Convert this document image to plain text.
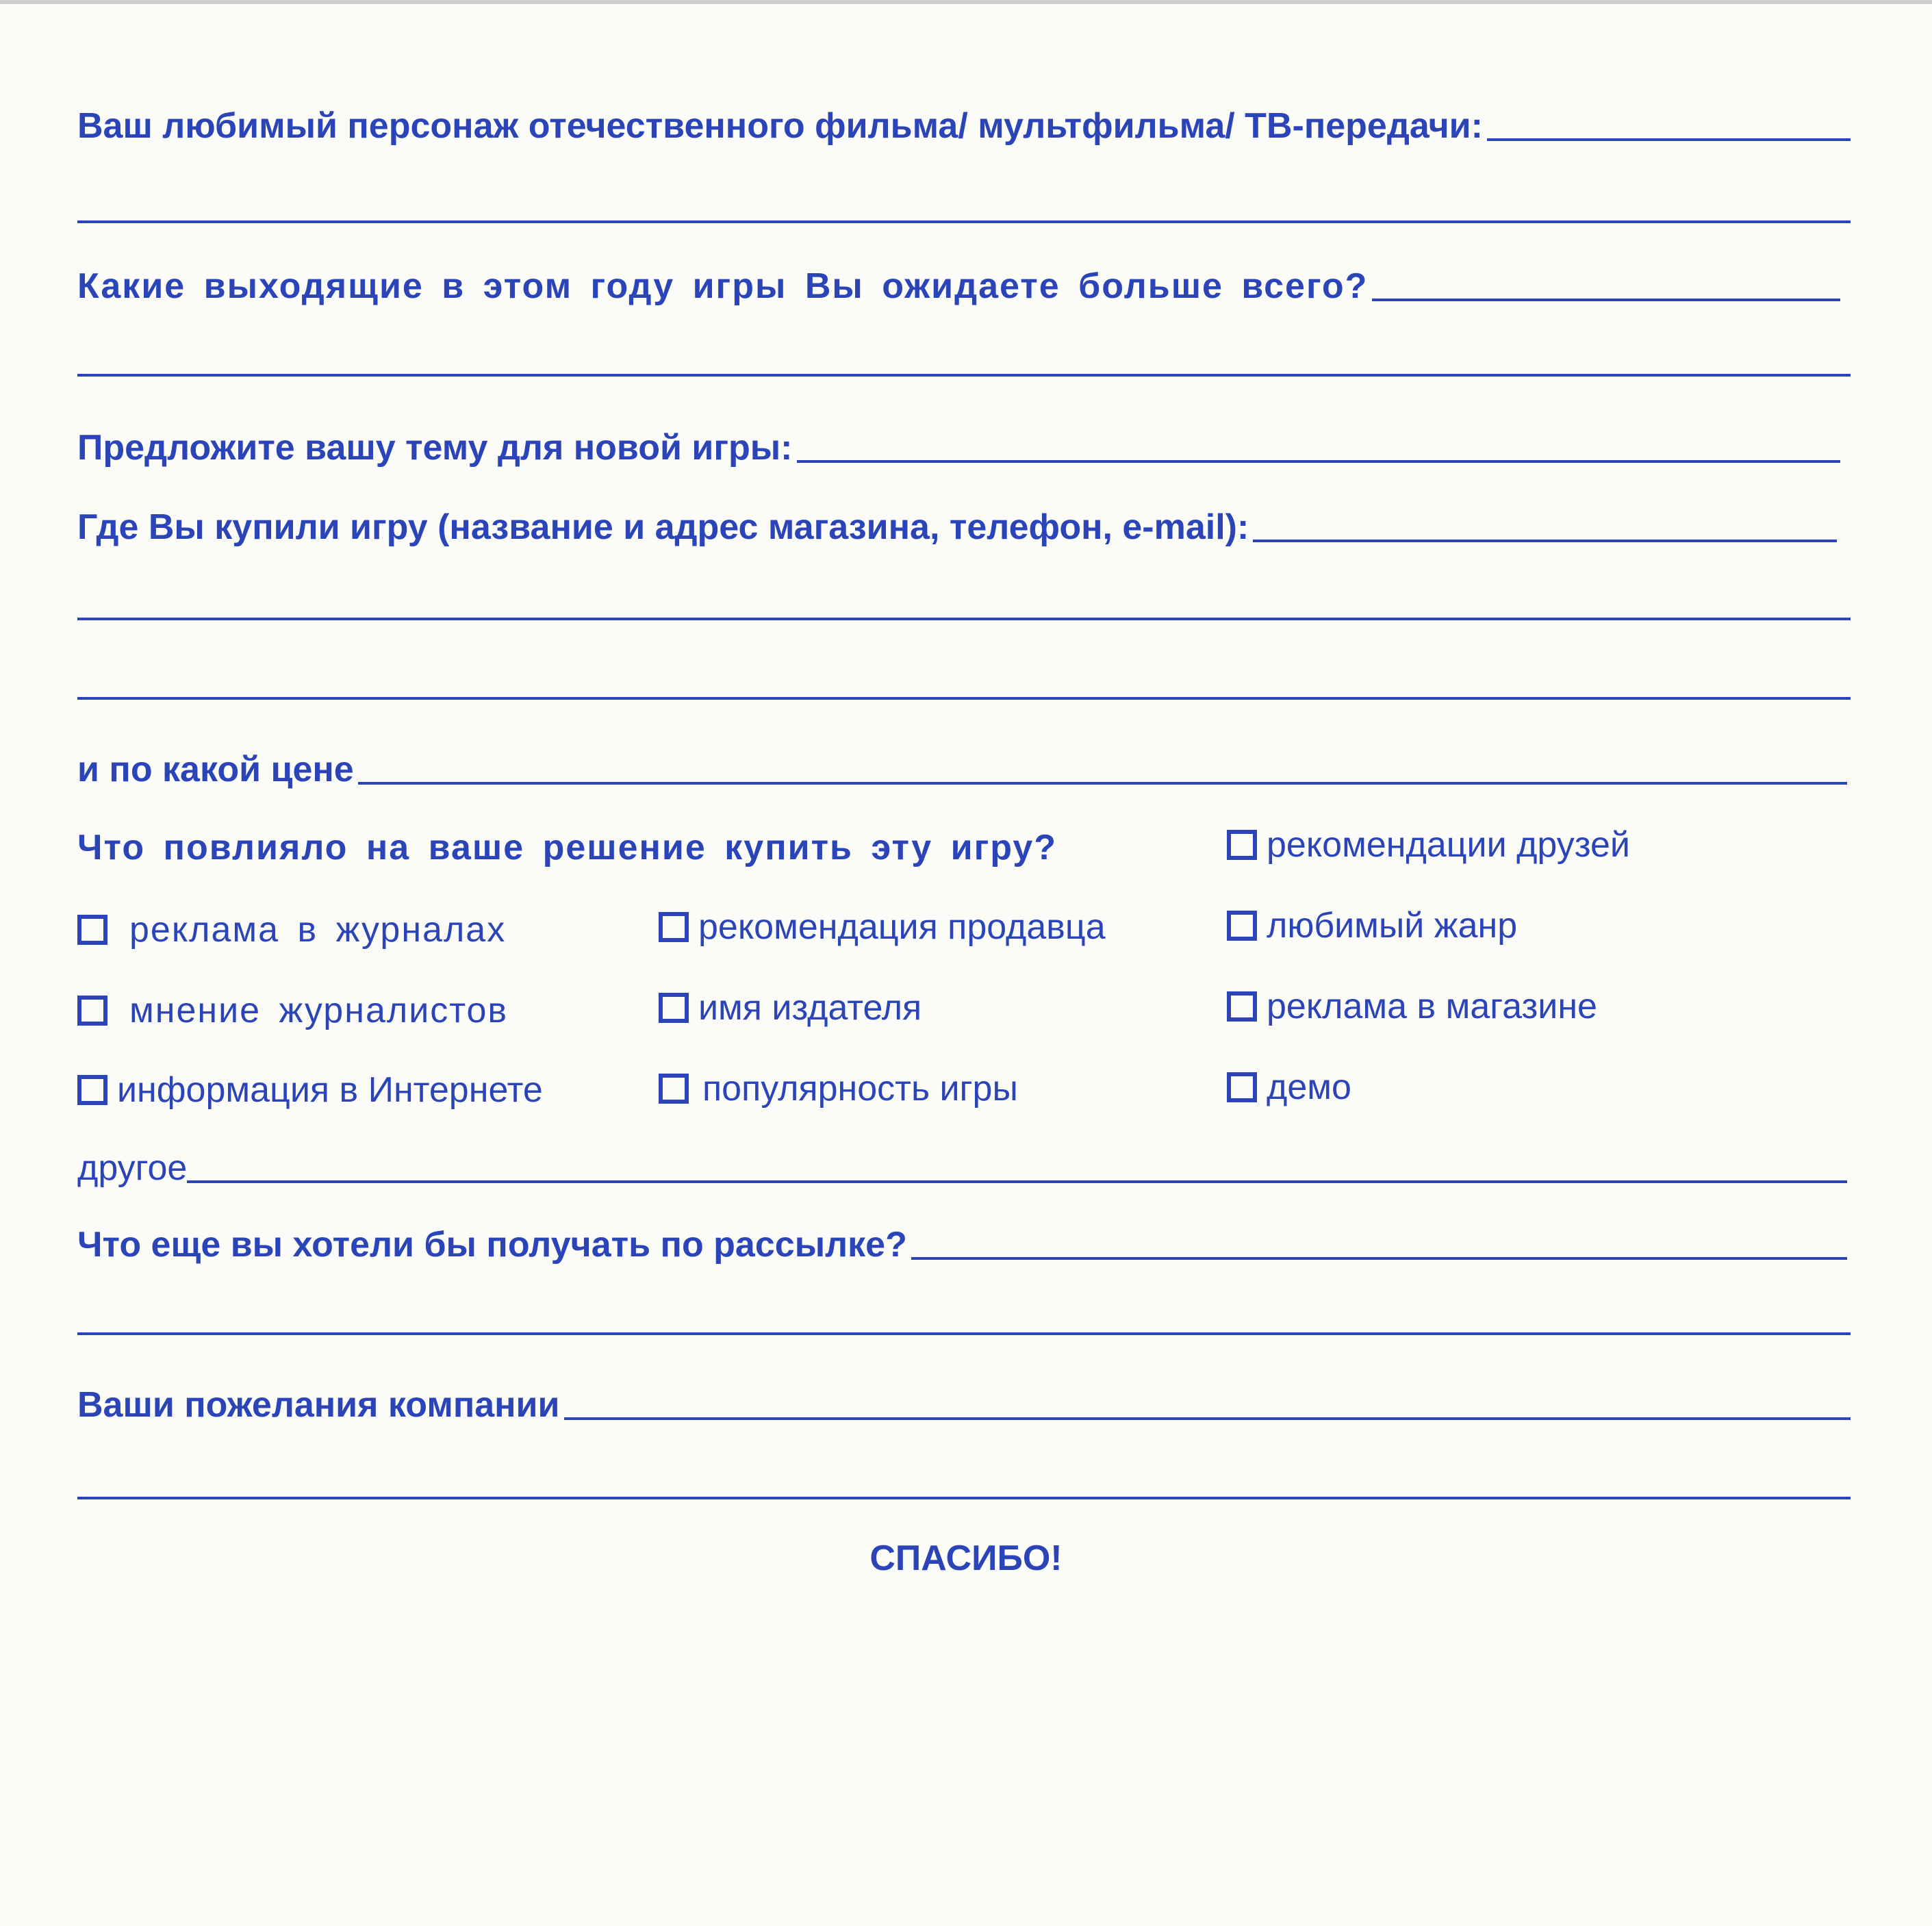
Ваш любимый персонаж отечественного фильма/ мультфильма/ ТВ-передачи:
Какие выходящие в этом году игры Вы ожидаете больше всего?
Предложите вашу тему для новой игры:
Где Вы купили игру (название и адрес магазина, телефон, e-mail):
и по какой цене
Что повлияло на ваше решение купить эту игру?	рекомендации друзей
реклама в журналах	рекомендация продавца	любимый жанр
мнение журналистов	имя издателя	реклама в магазине
информация в Интернете	популярность игры	демо
другое
Что еще вы хотели бы получать по рассылке?
Ваши пожелания компании
СПАСИБО!
